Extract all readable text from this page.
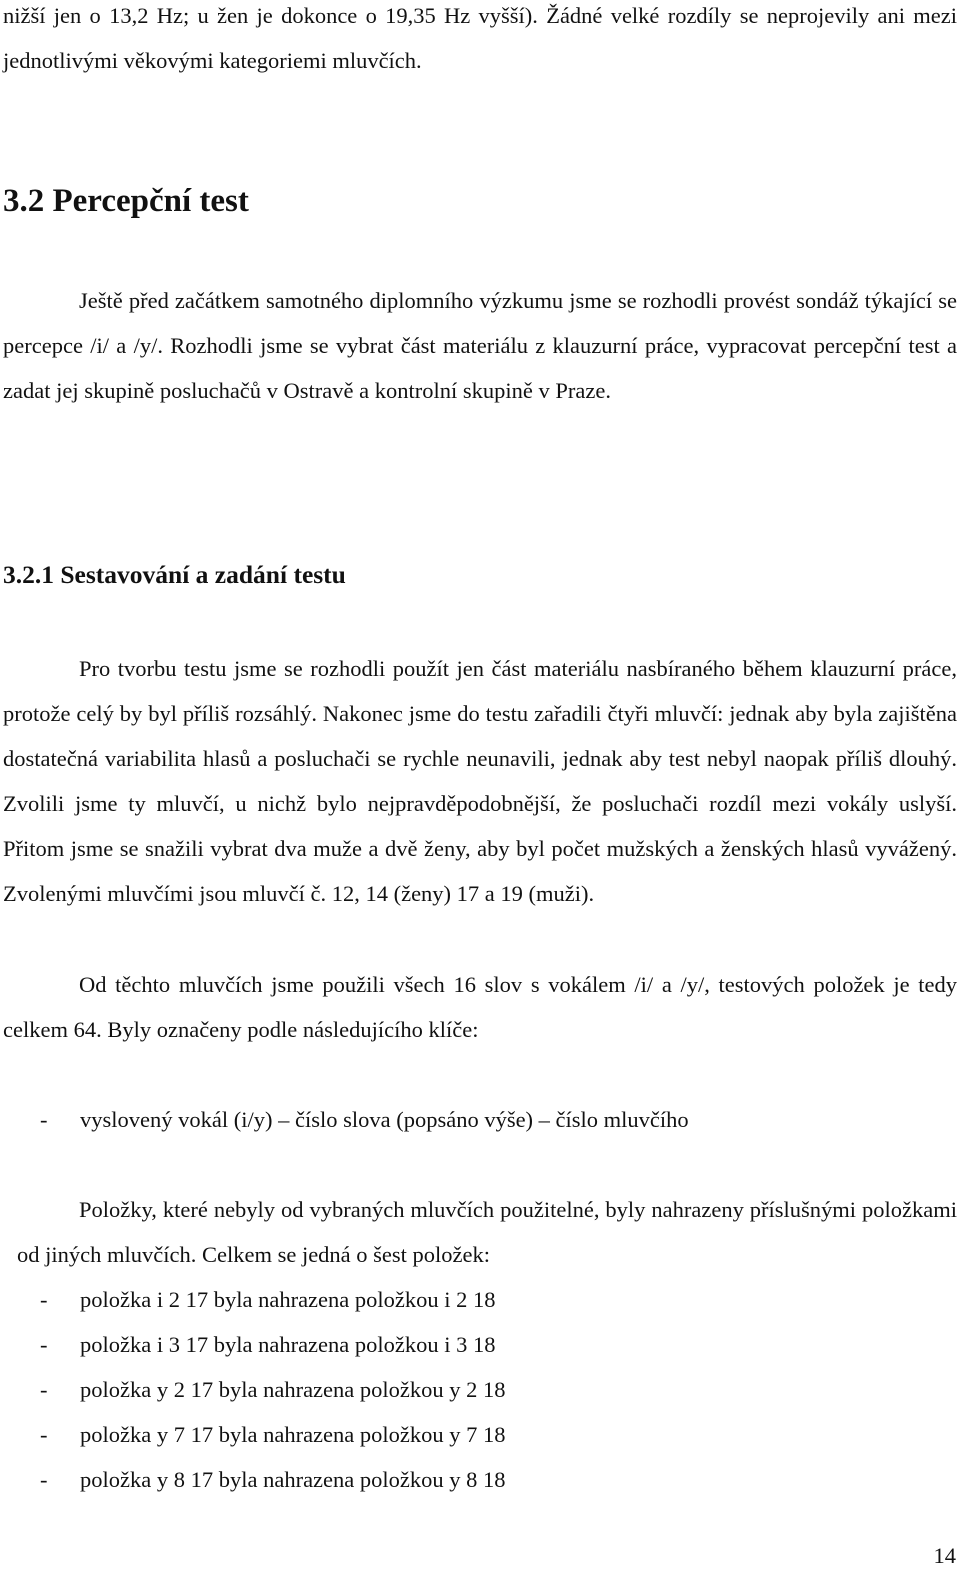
nižší jen o 13,2 Hz; u žen je dokonce o 19,35 Hz vyšší). Žádné velké rozdíly se neprojevily ani mezi jednotlivými věkovými kategoriemi mluvčích.

3.2 Percepční test

Ještě před začátkem samotného diplomního výzkumu jsme se rozhodli provést sondáž týkající se percepce /i/ a /y/. Rozhodli jsme se vybrat část materiálu z klauzurní práce, vypracovat percepční test a zadat jej skupině posluchačů v Ostravě a kontrolní skupině v Praze.

3.2.1 Sestavování a zadání testu

Pro tvorbu testu jsme se rozhodli použít jen část materiálu nasbíraného během klauzurní práce, protože celý by byl příliš rozsáhlý. Nakonec jsme do testu zařadili čtyři mluvčí: jednak aby byla zajištěna dostatečná variabilita hlasů a posluchači se rychle neunavili, jednak aby test nebyl naopak příliš dlouhý. Zvolili jsme ty mluvčí, u nichž bylo nejpravděpodobnější, že posluchači rozdíl mezi vokály uslyší. Přitom jsme se snažili vybrat dva muže a dvě ženy, aby byl počet mužských a ženských hlasů vyvážený. Zvolenými mluvčími jsou mluvčí č. 12, 14 (ženy) 17 a 19 (muži).

Od těchto mluvčích jsme použili všech 16 slov s vokálem /i/ a /y/, testových položek je tedy celkem 64. Byly označeny podle následujícího klíče:

- vyslovený vokál (i/y) – číslo slova (popsáno výše) – číslo mluvčího

Položky, které nebyly od vybraných mluvčích použitelné, byly nahrazeny příslušnými položkami od jiných mluvčích. Celkem se jedná o šest položek:

- položka i 2 17 byla nahrazena položkou i 2 18
- položka i 3 17 byla nahrazena položkou i 3 18
- položka y 2 17 byla nahrazena položkou y 2 18
- položka y 7 17 byla nahrazena položkou y 7 18
- položka y 8 17 byla nahrazena položkou y 8 18
14
